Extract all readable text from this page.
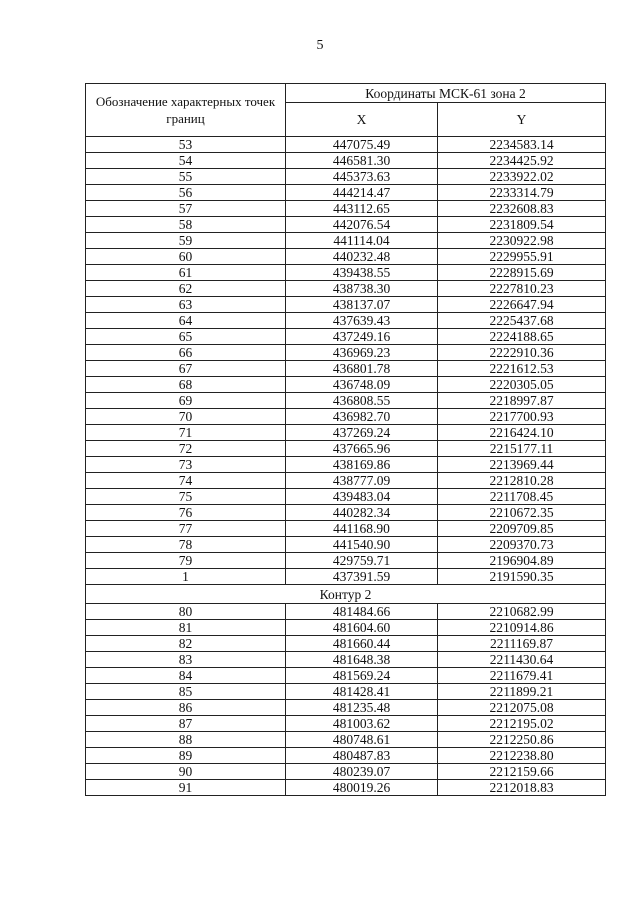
5
Обозначение характерных точек границ	Координаты МСК-61 зона 2	
	X	Y
53	447075.49	2234583.14
54	446581.30	2234425.92
55	445373.63	2233922.02
56	444214.47	2233314.79
57	443112.65	2232608.83
58	442076.54	2231809.54
59	441114.04	2230922.98
60	440232.48	2229955.91
61	439438.55	2228915.69
62	438738.30	2227810.23
63	438137.07	2226647.94
64	437639.43	2225437.68
65	437249.16	2224188.65
66	436969.23	2222910.36
67	436801.78	2221612.53
68	436748.09	2220305.05
69	436808.55	2218997.87
70	436982.70	2217700.93
71	437269.24	2216424.10
72	437665.96	2215177.11
73	438169.86	2213969.44
74	438777.09	2212810.28
75	439483.04	2211708.45
76	440282.34	2210672.35
77	441168.90	2209709.85
78	441540.90	2209370.73
79	429759.71	2196904.89
1	437391.59	2191590.35
Контур 2		
80	481484.66	2210682.99
81	481604.60	2210914.86
82	481660.44	2211169.87
83	481648.38	2211430.64
84	481569.24	2211679.41
85	481428.41	2211899.21
86	481235.48	2212075.08
87	481003.62	2212195.02
88	480748.61	2212250.86
89	480487.83	2212238.80
90	480239.07	2212159.66
91	480019.26	2212018.83
